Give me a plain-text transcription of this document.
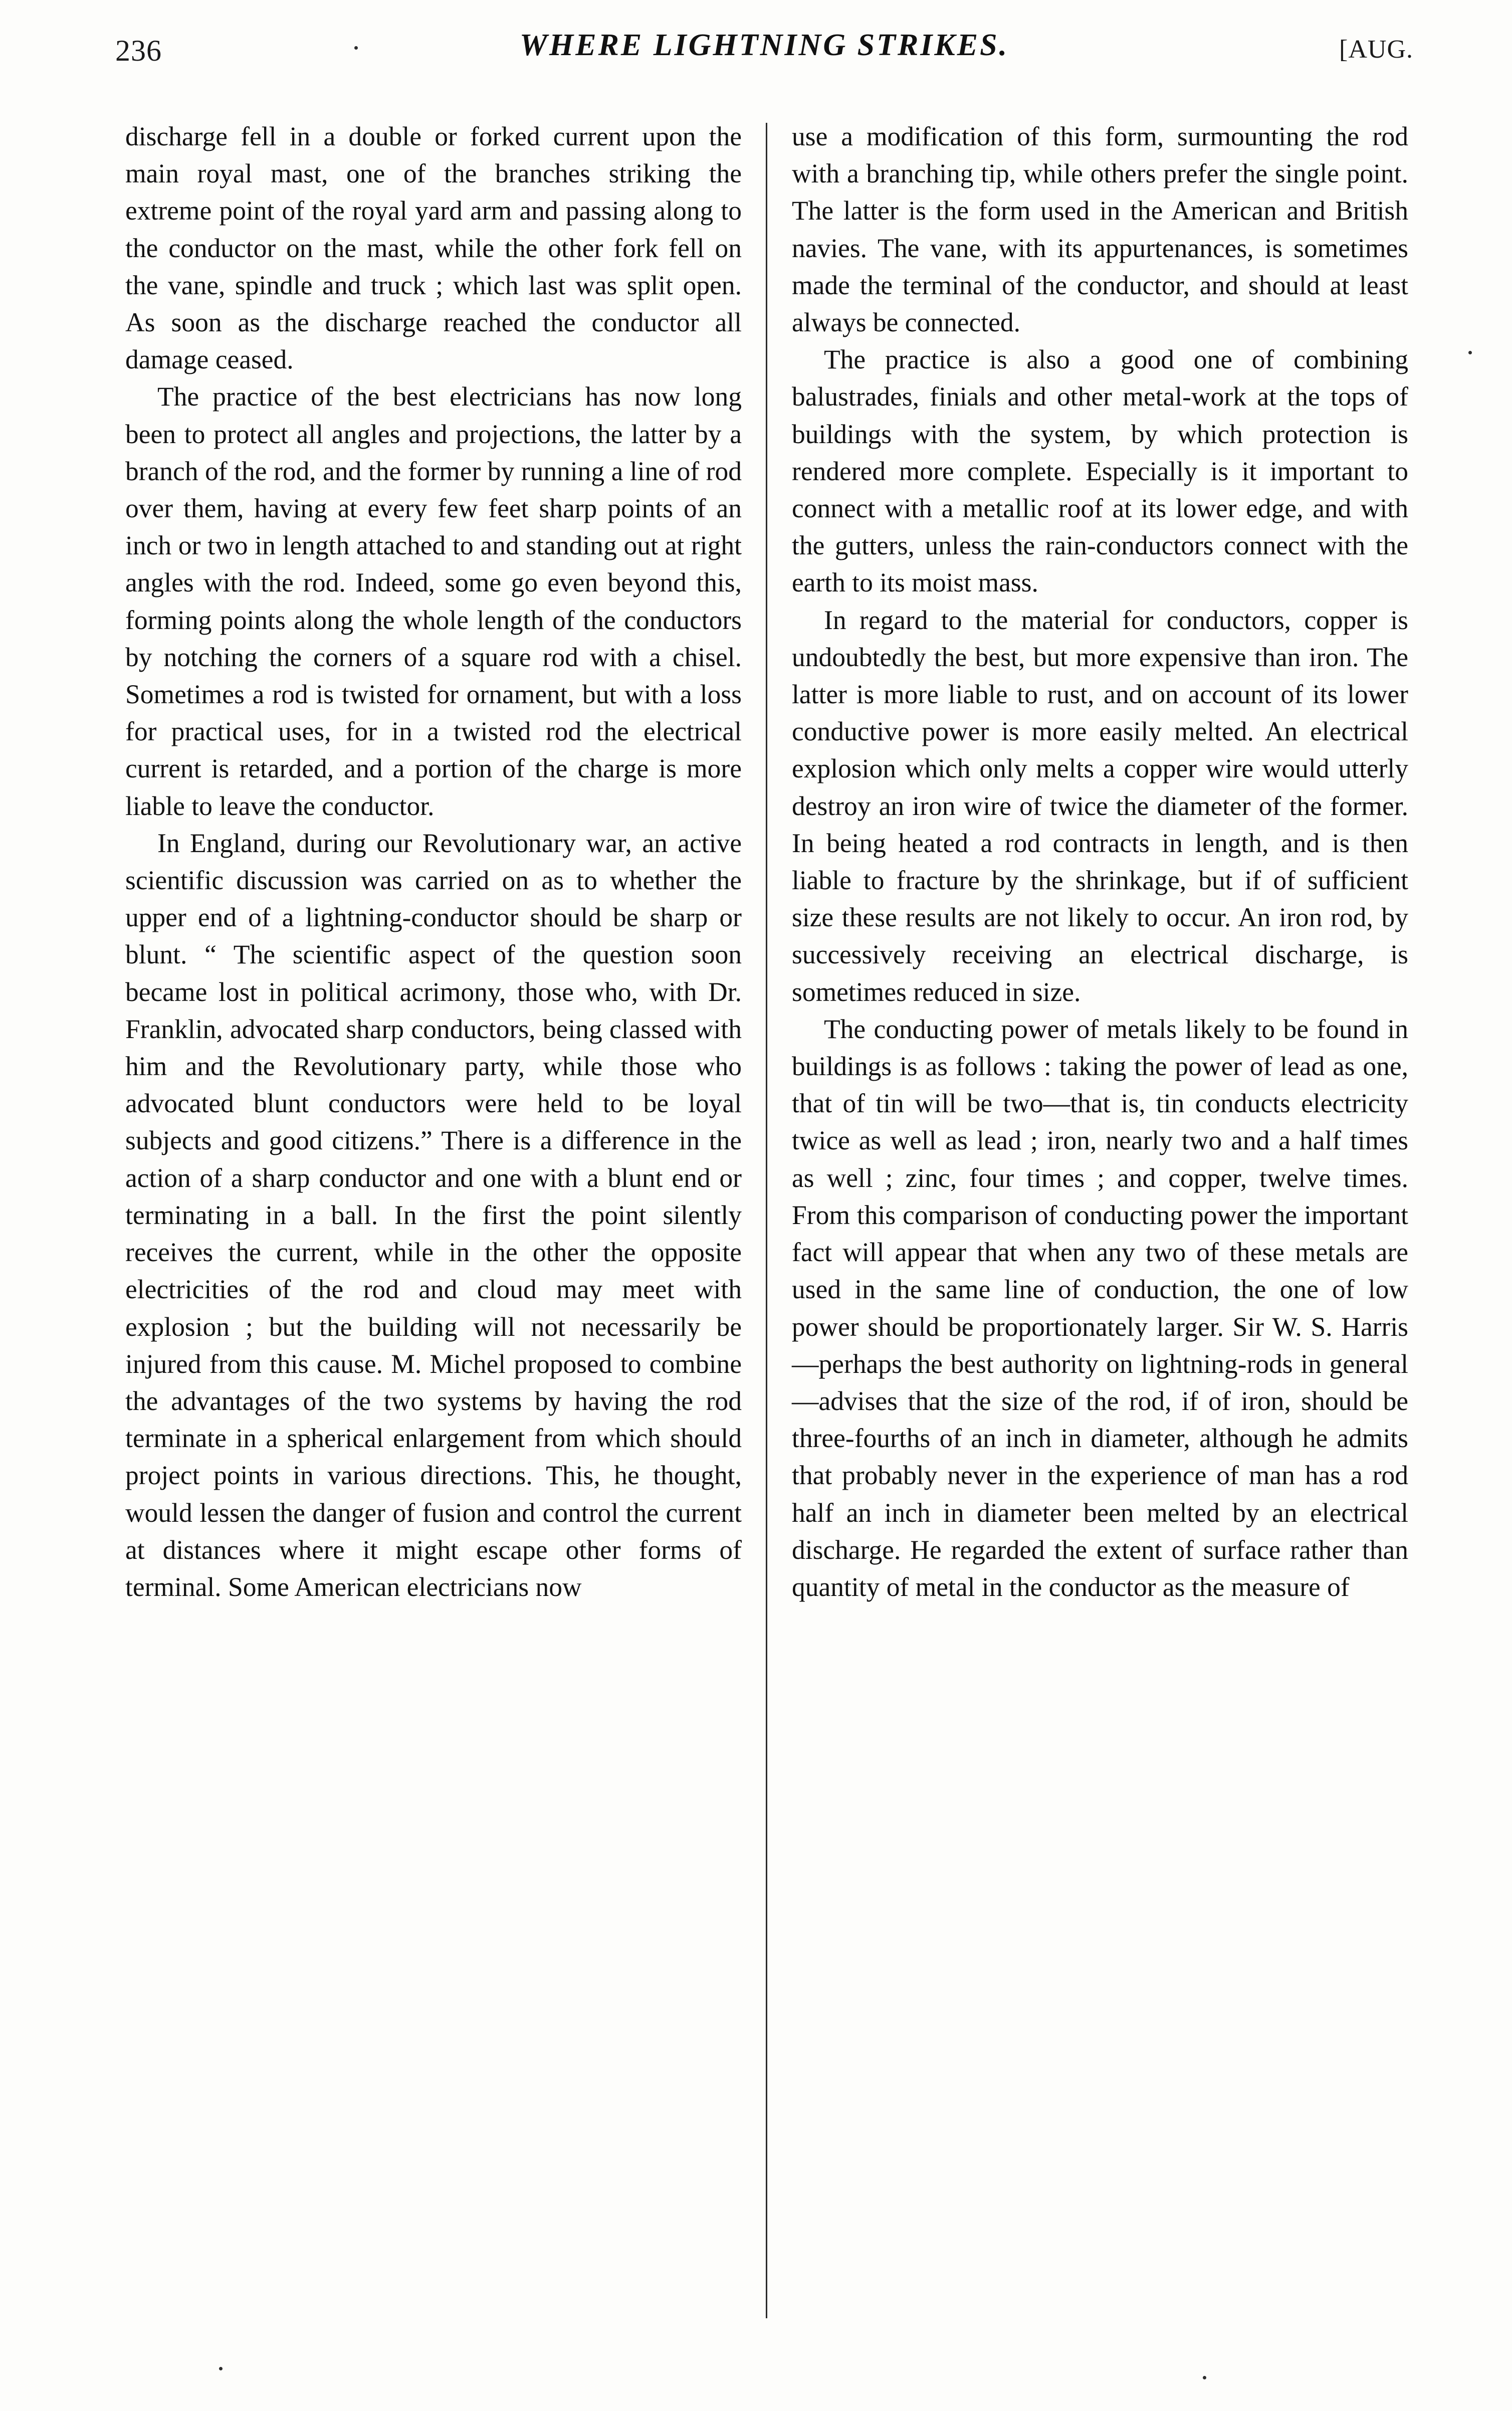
236	WHERE LIGHTNING STRIKES.	[AUG.

discharge fell in a double or forked current upon the main royal mast, one of the branches striking the extreme point of the royal yard arm and passing along to the conductor on the mast, while the other fork fell on the vane, spindle and truck ; which last was split open. As soon as the discharge reached the conductor all damage ceased.

The practice of the best electricians has now long been to protect all angles and projections, the latter by a branch of the rod, and the former by running a line of rod over them, having at every few feet sharp points of an inch or two in length attached to and standing out at right angles with the rod. Indeed, some go even beyond this, forming points along the whole length of the conductors by notching the corners of a square rod with a chisel. Sometimes a rod is twisted for ornament, but with a loss for practical uses, for in a twisted rod the electrical current is retarded, and a portion of the charge is more liable to leave the conductor.

In England, during our Revolutionary war, an active scientific discussion was carried on as to whether the upper end of a lightning-conductor should be sharp or blunt. “ The scientific aspect of the question soon became lost in political acrimony, those who, with Dr. Franklin, advocated sharp conductors, being classed with him and the Revolutionary party, while those who advocated blunt conductors were held to be loyal subjects and good citizens.” There is a difference in the action of a sharp conductor and one with a blunt end or terminating in a ball. In the first the point silently receives the current, while in the other the opposite electricities of the rod and cloud may meet with explosion ; but the building will not necessarily be injured from this cause. M. Michel proposed to combine the advantages of the two systems by having the rod terminate in a spherical enlargement from which should project points in various directions. This, he thought, would lessen the danger of fusion and control the current at distances where it might escape other forms of terminal. Some American electricians now

use a modification of this form, surmounting the rod with a branching tip, while others prefer the single point. The latter is the form used in the American and British navies. The vane, with its appurtenances, is sometimes made the terminal of the conductor, and should at least always be connected.

The practice is also a good one of combining balustrades, finials and other metal-work at the tops of buildings with the system, by which protection is rendered more complete. Especially is it important to connect with a metallic roof at its lower edge, and with the gutters, unless the rain-conductors connect with the earth to its moist mass.

In regard to the material for conductors, copper is undoubtedly the best, but more expensive than iron. The latter is more liable to rust, and on account of its lower conductive power is more easily melted. An electrical explosion which only melts a copper wire would utterly destroy an iron wire of twice the diameter of the former. In being heated a rod contracts in length, and is then liable to fracture by the shrinkage, but if of sufficient size these results are not likely to occur. An iron rod, by successively receiving an electrical discharge, is sometimes reduced in size.

The conducting power of metals likely to be found in buildings is as follows : taking the power of lead as one, that of tin will be two—that is, tin conducts electricity twice as well as lead ; iron, nearly two and a half times as well ; zinc, four times ; and copper, twelve times. From this comparison of conducting power the important fact will appear that when any two of these metals are used in the same line of conduction, the one of low power should be proportionately larger. Sir W. S. Harris—perhaps the best authority on lightning-rods in general—advises that the size of the rod, if of iron, should be three-fourths of an inch in diameter, although he admits that probably never in the experience of man has a rod half an inch in diameter been melted by an electrical discharge. He regarded the extent of surface rather than quantity of metal in the conductor as the measure of
